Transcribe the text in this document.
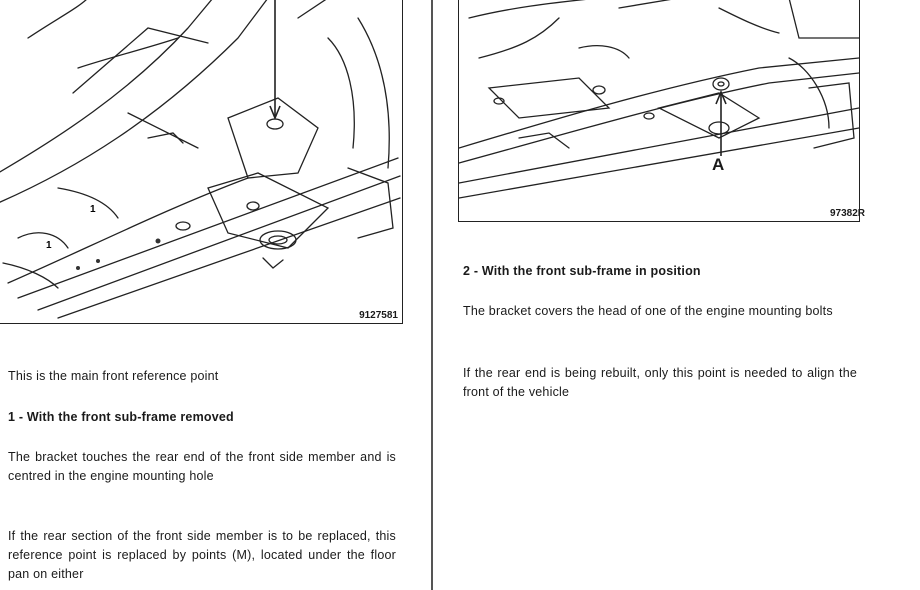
1
1
9127581
A
97382R

This is the main front reference point

1 - With the front sub-frame removed

The bracket touches the rear end of the front side member and is centred in the engine mounting hole

If the rear section of the front side member is to be replaced, this reference point is replaced by points (M), located under the floor pan on either

2 - With the front sub-frame in position

The bracket covers the head of one of the engine mounting bolts

If the rear end is being rebuilt, only this point is needed to align the front of the vehicle
